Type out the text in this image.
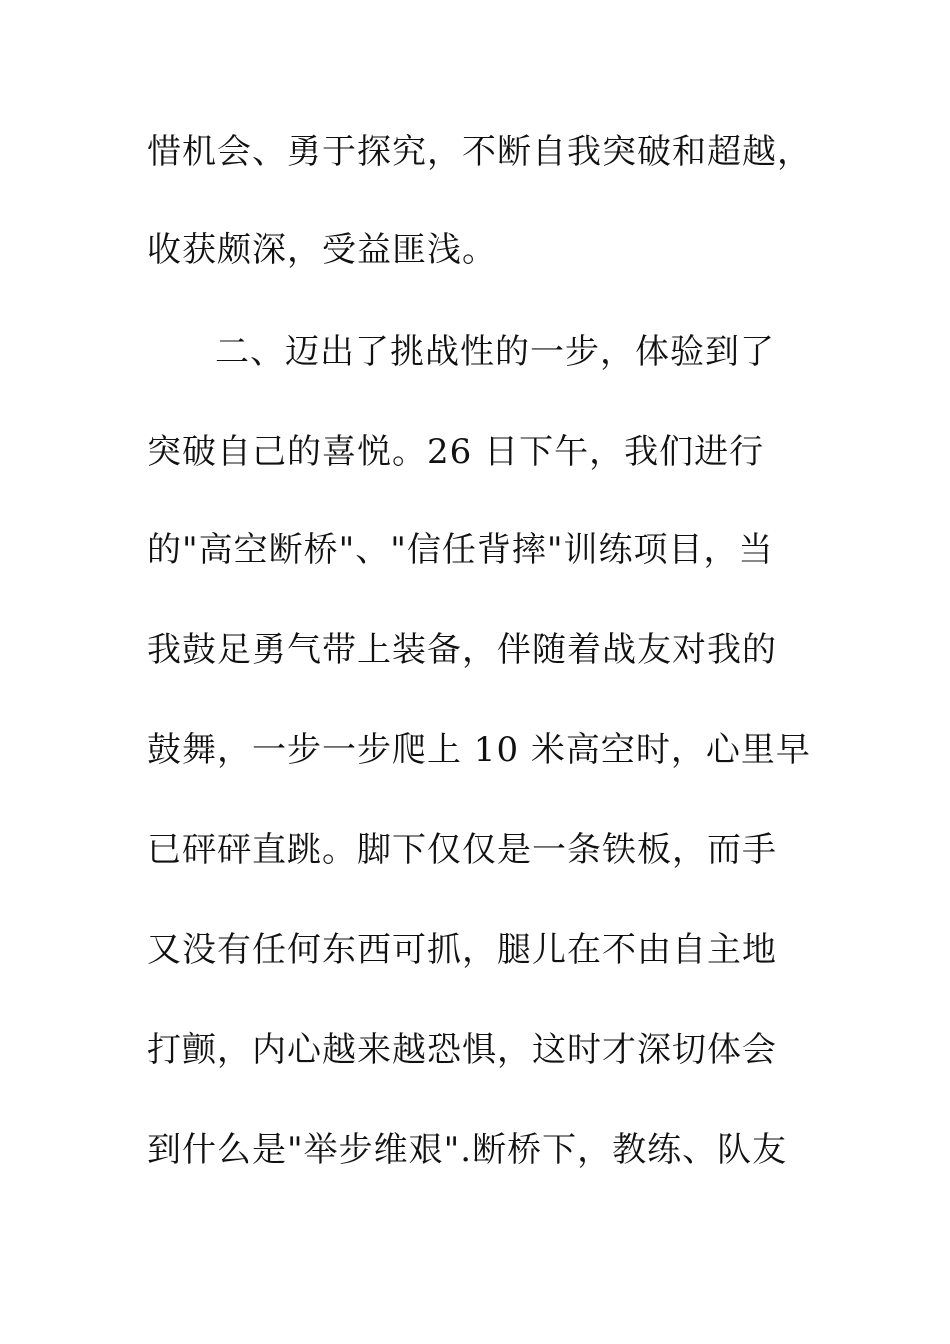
惜机会、勇于探究，不断自我突破和超越，
收获颇深，受益匪浅。
二、迈出了挑战性的一步，体验到了
突破自己的喜悦。26 日下午，我们进行
的"高空断桥"、"信任背摔"训练项目，当
我鼓足勇气带上装备，伴随着战友对我的
鼓舞，一步一步爬上 10 米高空时，心里早
已砰砰直跳。脚下仅仅是一条铁板，而手
又没有任何东西可抓，腿儿在不由自主地
打颤，内心越来越恐惧，这时才深切体会
到什么是"举步维艰".断桥下，教练、队友
